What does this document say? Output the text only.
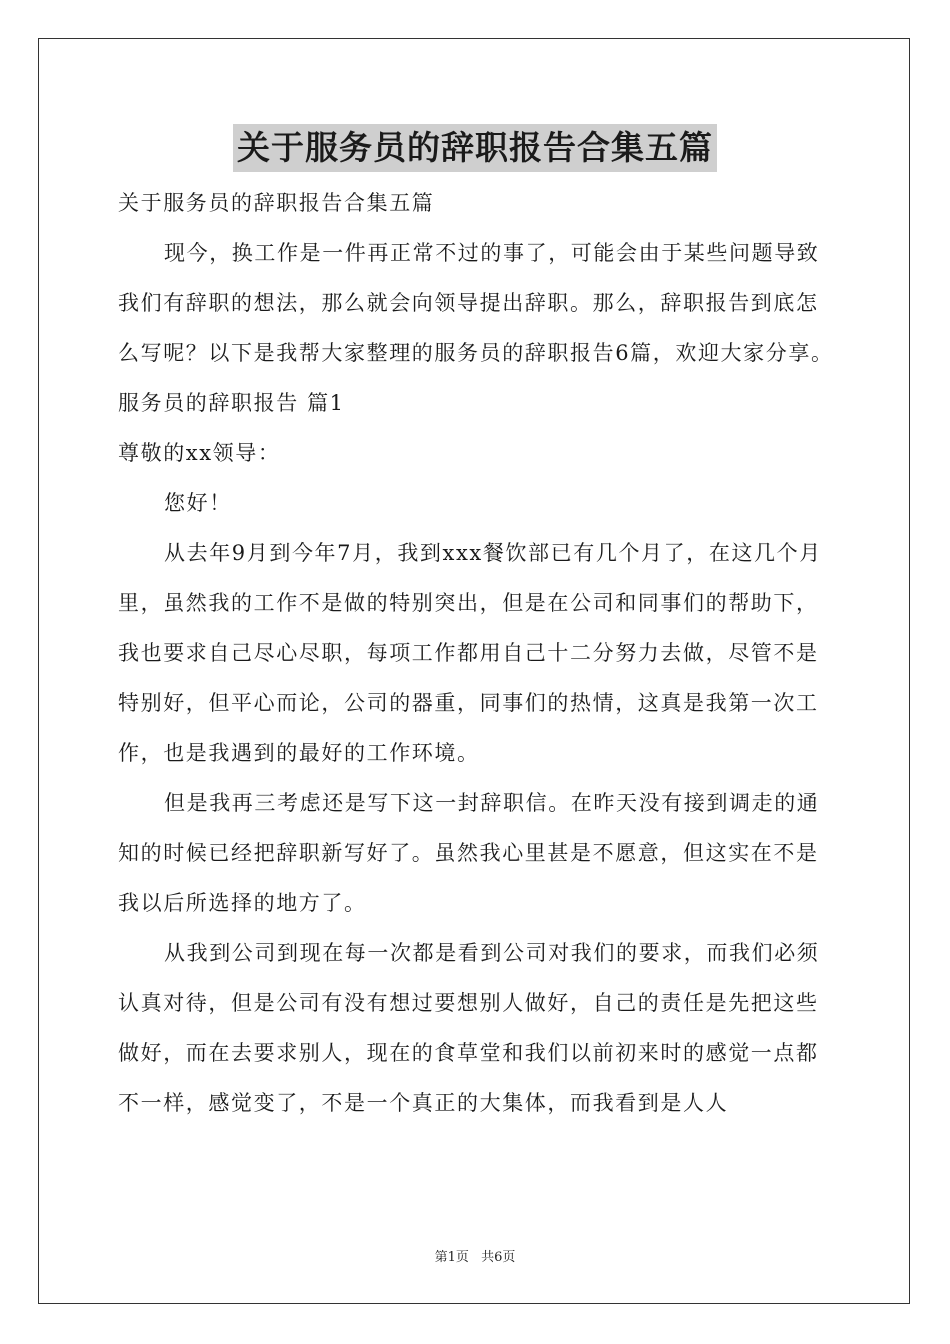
关于服务员的辞职报告合集五篇

关于服务员的辞职报告合集五篇

现今，换工作是一件再正常不过的事了，可能会由于某些问题导致我们有辞职的想法，那么就会向领导提出辞职。那么，辞职报告到底怎么写呢？以下是我帮大家整理的服务员的辞职报告6篇，欢迎大家分享。

服务员的辞职报告 篇1

尊敬的xx领导：

您好！

从去年9月到今年7月，我到xxx餐饮部已有几个月了，在这几个月里，虽然我的工作不是做的特别突出，但是在公司和同事们的帮助下，我也要求自己尽心尽职，每项工作都用自己十二分努力去做，尽管不是特别好，但平心而论，公司的器重，同事们的热情，这真是我第一次工作，也是我遇到的最好的工作环境。

但是我再三考虑还是写下这一封辞职信。在昨天没有接到调走的通知的时候已经把辞职新写好了。虽然我心里甚是不愿意，但这实在不是我以后所选择的地方了。

从我到公司到现在每一次都是看到公司对我们的要求，而我们必须认真对待，但是公司有没有想过要想别人做好，自己的责任是先把这些做好，而在去要求别人，现在的食草堂和我们以前初来时的感觉一点都不一样，感觉变了，不是一个真正的大集体，而我看到是人人

第1页 共6页
